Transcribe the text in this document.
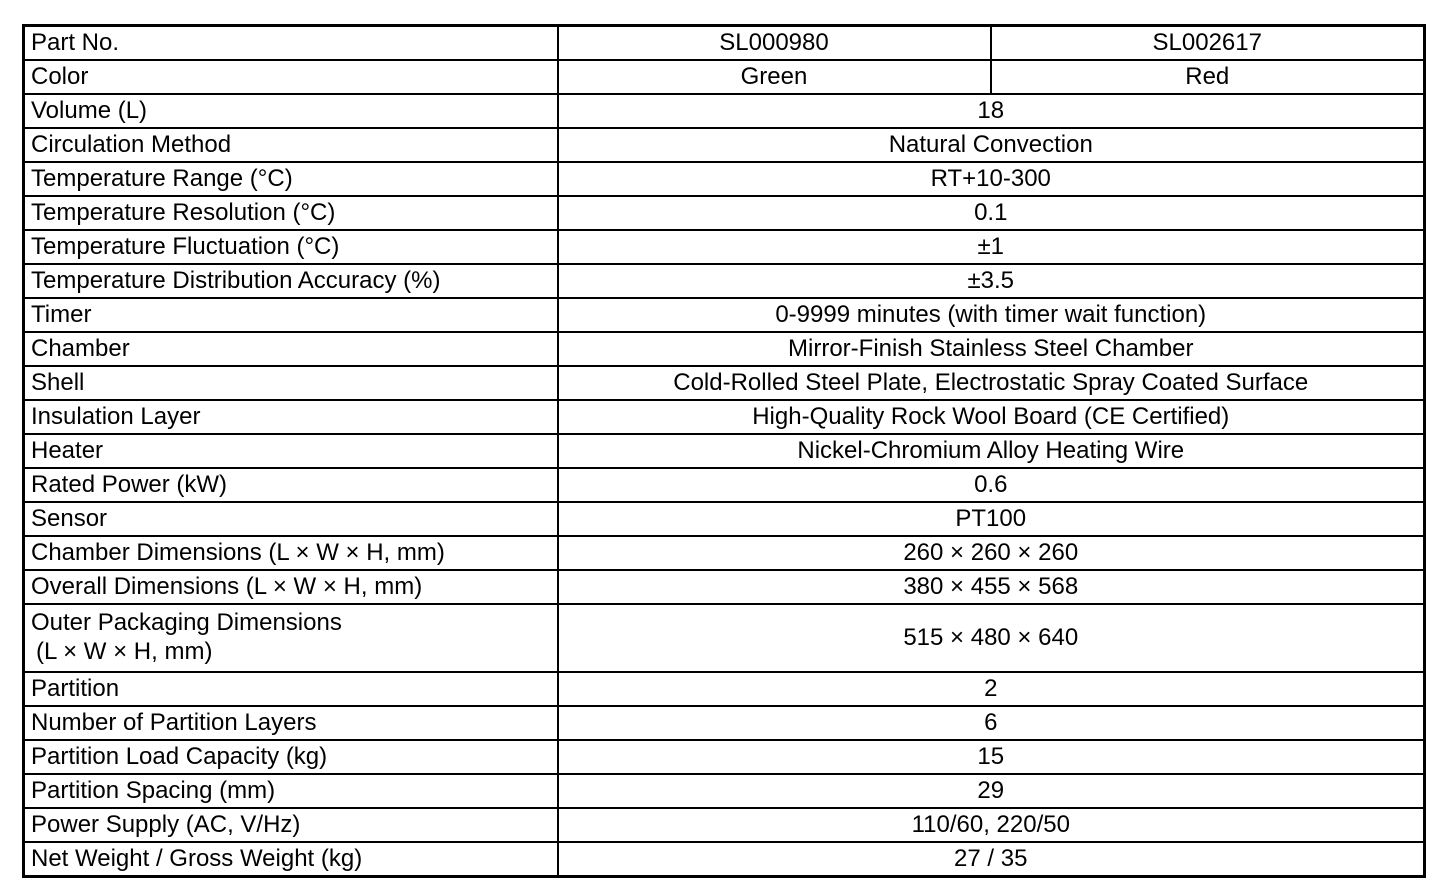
Part No.	SL000980	SL002617
Color	Green	Red
Volume (L)	18	
Circulation Method	Natural Convection	
Temperature Range (°C)	RT+10-300	
Temperature Resolution (°C)	0.1	
Temperature Fluctuation (°C)	±1	
Temperature Distribution Accuracy (%)	±3.5	
Timer	0-9999 minutes (with timer wait function)	
Chamber	Mirror-Finish Stainless Steel Chamber	
Shell	Cold-Rolled Steel Plate, Electrostatic Spray Coated Surface	
Insulation Layer	High-Quality Rock Wool Board (CE Certified)	
Heater	Nickel-Chromium Alloy Heating Wire	
Rated Power (kW)	0.6	
Sensor	PT100	
Chamber Dimensions (L × W × H, mm)	260 × 260 × 260	
Overall Dimensions (L × W × H, mm)	380 × 455 × 568	

Outer Packaging Dimensions
(L × W × H, mm)	515 × 480 × 640	
Partition	2	
Number of Partition Layers	6	
Partition Load Capacity (kg)	15	
Partition Spacing (mm)	29	
Power Supply (AC, V/Hz)	110/60, 220/50	
Net Weight / Gross Weight (kg)	27 / 35	
